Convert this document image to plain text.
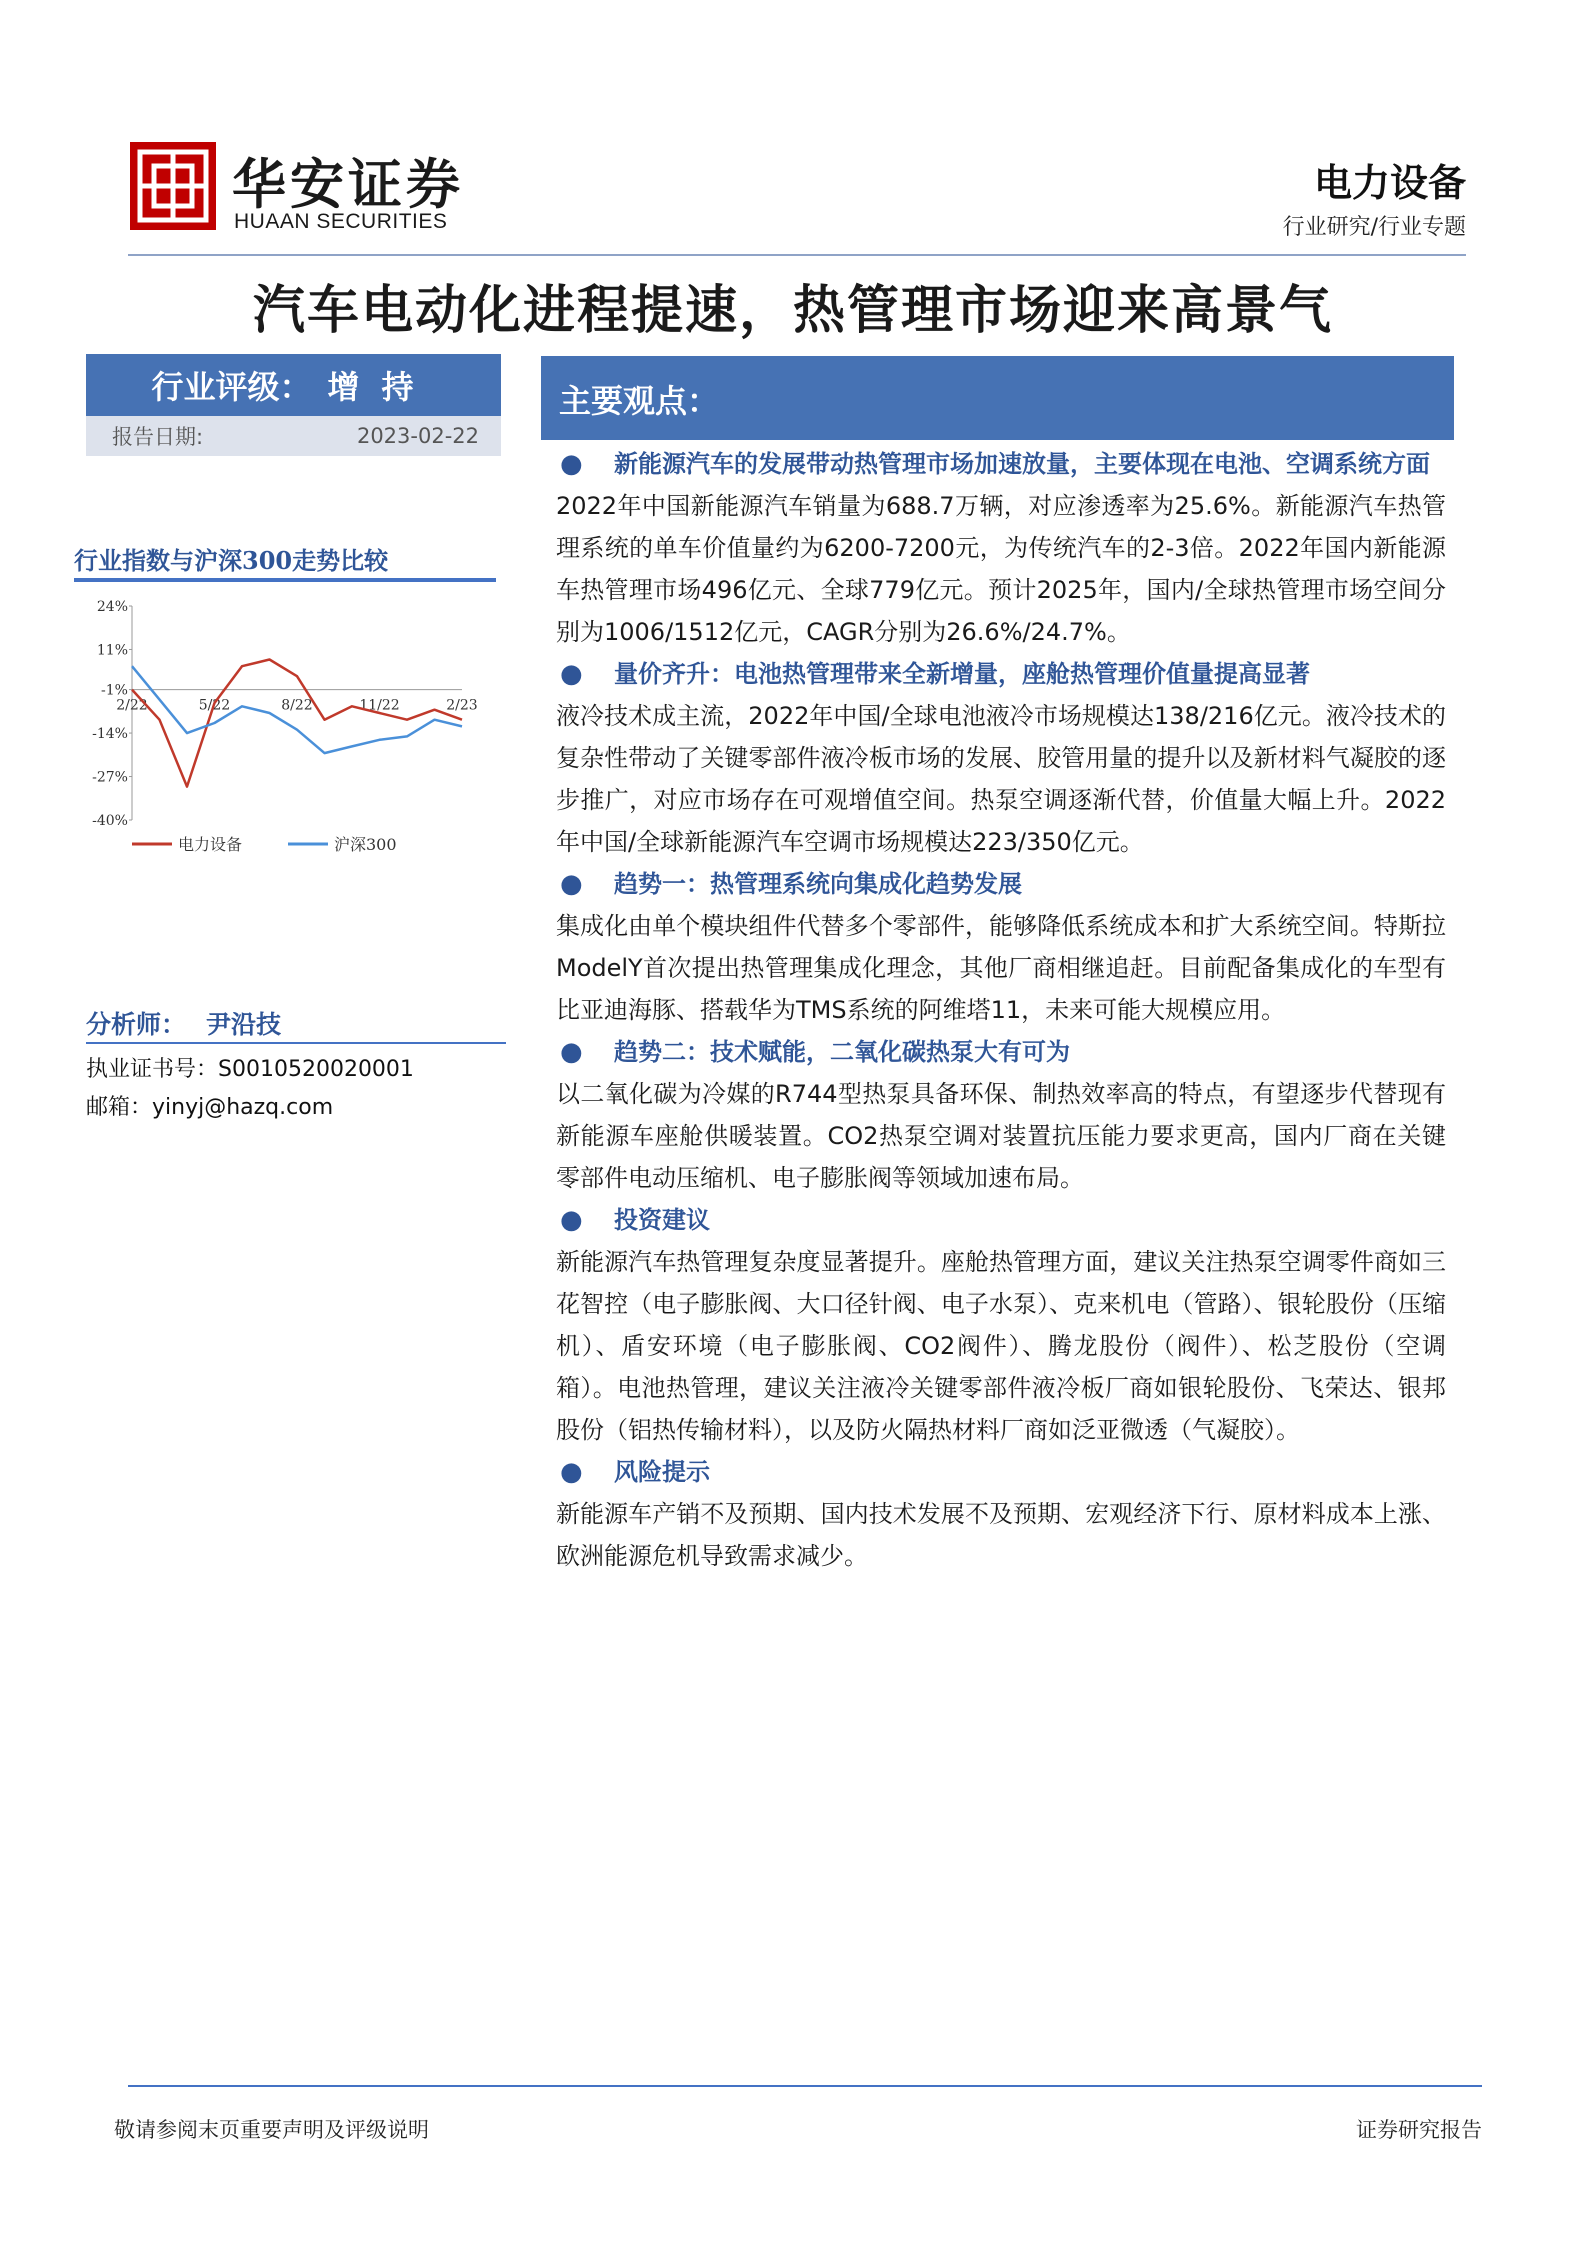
华安证券
HUAAN SECURITIES
电力设备
行业研究/行业专题
汽车电动化进程提速，热管理市场迎来高景气
行业评级： 增持
报告日期:	2023-02-22
行业指数与沪深300走势比较
24%
11%
-1%
-14%
-27%
-40%
2/22	5/22	8/22	11/22	2/23
电力设备	沪深300
分析师： 尹沿技
执业证书号：S0010520020001
邮箱：yinyj@hazq.com
主要观点：
● 新能源汽车的发展带动热管理市场加速放量，主要体现在电池、空调系统方面
2022年中国新能源汽车销量为688.7万辆，对应渗透率为25.6%。新能源汽车热管理系统的单车价值量约为6200-7200元，为传统汽车的2-3倍。2022年国内新能源车热管理市场496亿元、全球779亿元。预计2025年，国内/全球热管理市场空间分别为1006/1512亿元，CAGR分别为26.6%/24.7%。
● 量价齐升：电池热管理带来全新增量，座舱热管理价值量提高显著
液冷技术成主流，2022年中国/全球电池液冷市场规模达138/216亿元。液冷技术的复杂性带动了关键零部件液冷板市场的发展、胶管用量的提升以及新材料气凝胶的逐步推广，对应市场存在可观增值空间。热泵空调逐渐代替，价值量大幅上升。2022年中国/全球新能源汽车空调市场规模达223/350亿元。
● 趋势一：热管理系统向集成化趋势发展
集成化由单个模块组件代替多个零部件，能够降低系统成本和扩大系统空间。特斯拉ModelY首次提出热管理集成化理念，其他厂商相继追赶。目前配备集成化的车型有比亚迪海豚、搭载华为TMS系统的阿维塔11，未来可能大规模应用。
● 趋势二：技术赋能，二氧化碳热泵大有可为
以二氧化碳为冷媒的R744型热泵具备环保、制热效率高的特点，有望逐步代替现有新能源车座舱供暖装置。CO2热泵空调对装置抗压能力要求更高，国内厂商在关键零部件电动压缩机、电子膨胀阀等领域加速布局。
● 投资建议
新能源汽车热管理复杂度显著提升。座舱热管理方面，建议关注热泵空调零件商如三花智控（电子膨胀阀、大口径针阀、电子水泵）、克来机电（管路）、银轮股份（压缩机）、盾安环境（电子膨胀阀、CO2阀件）、腾龙股份（阀件）、松芝股份（空调箱）。电池热管理，建议关注液冷关键零部件液冷板厂商如银轮股份、飞荣达、银邦股份（铝热传输材料），以及防火隔热材料厂商如泛亚微透（气凝胶）。
● 风险提示
新能源车产销不及预期、国内技术发展不及预期、宏观经济下行、原材料成本上涨、欧洲能源危机导致需求减少。
敬请参阅末页重要声明及评级说明	证券研究报告
